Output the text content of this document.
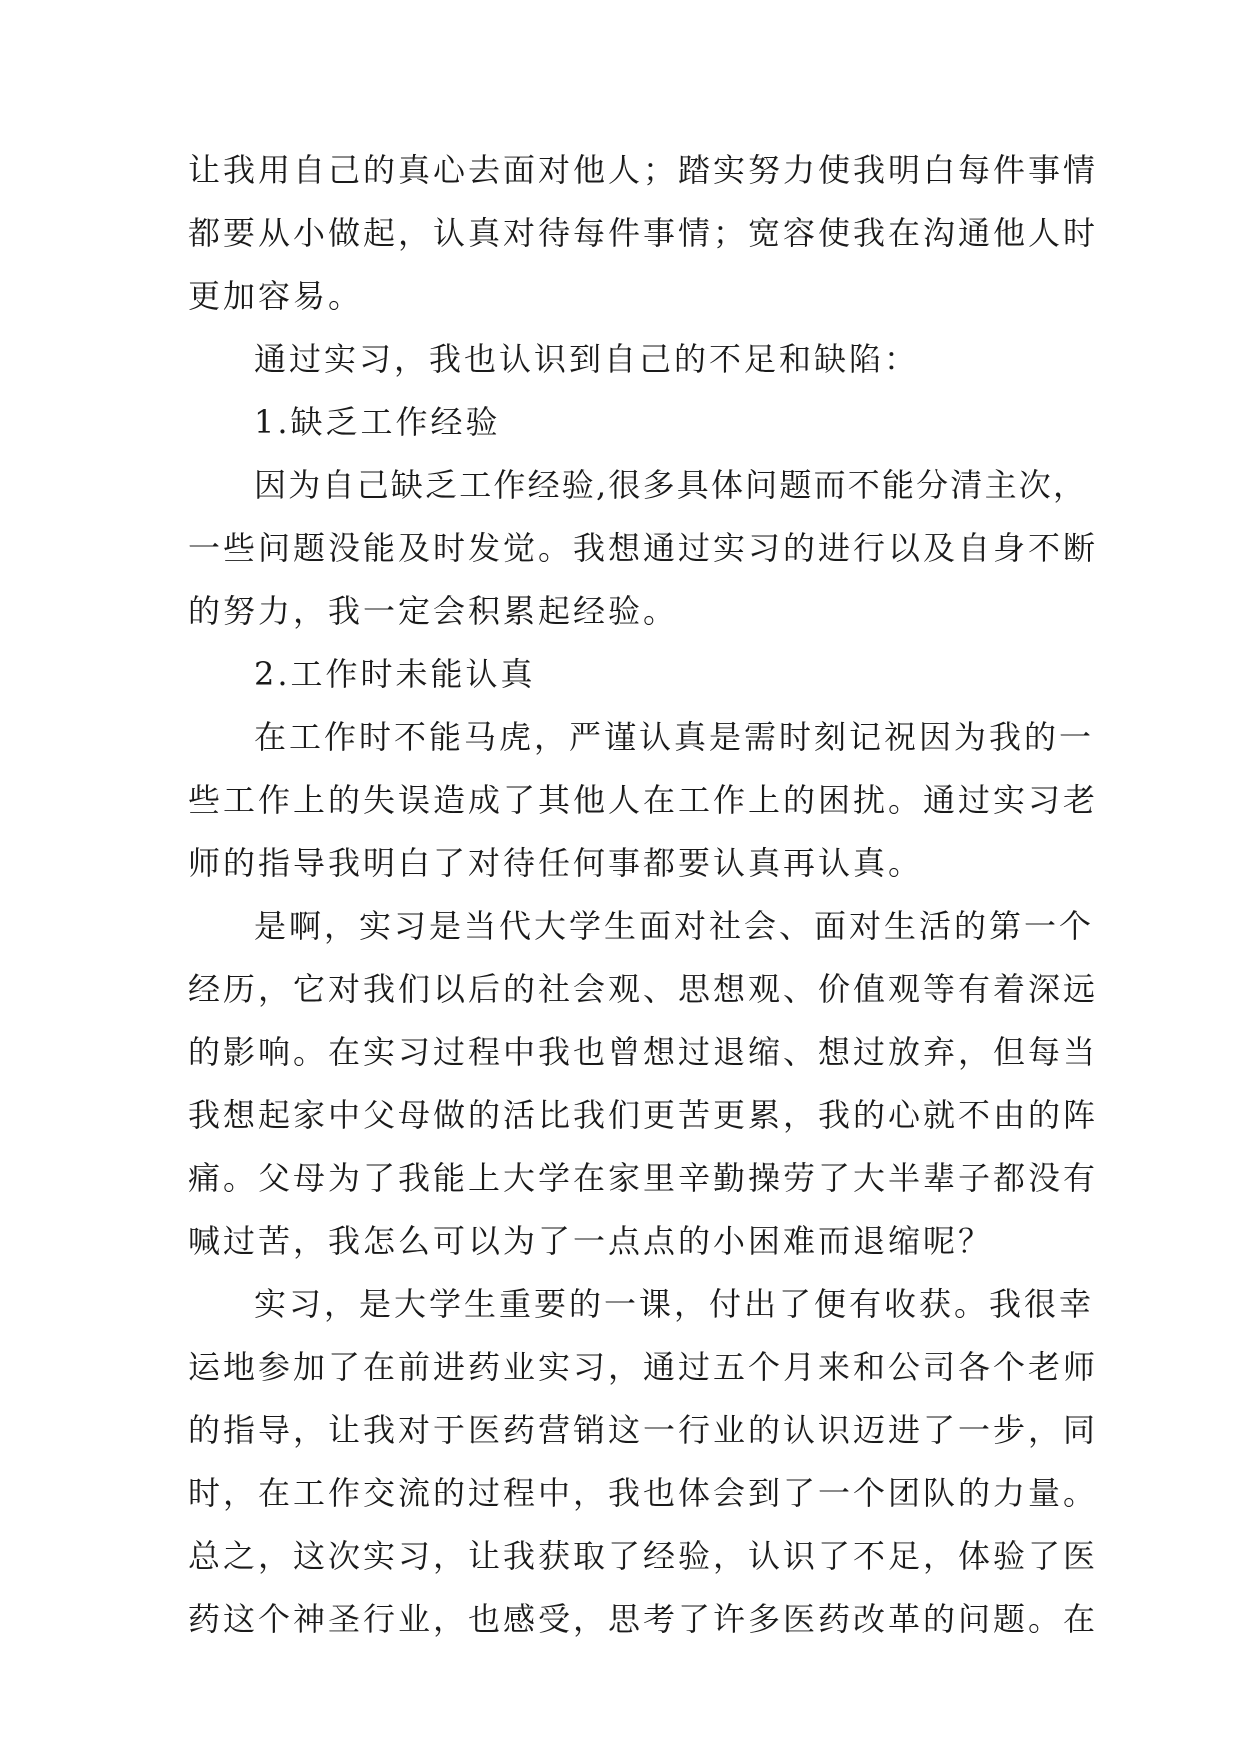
让我用自己的真心去面对他人；踏实努力使我明白每件事情
都要从小做起，认真对待每件事情；宽容使我在沟通他人时
更加容易。
通过实习，我也认识到自己的不足和缺陷：
1.缺乏工作经验
因为自己缺乏工作经验,很多具体问题而不能分清主次，
一些问题没能及时发觉。我想通过实习的进行以及自身不断
的努力，我一定会积累起经验。
2.工作时未能认真
在工作时不能马虎，严谨认真是需时刻记祝因为我的一
些工作上的失误造成了其他人在工作上的困扰。通过实习老
师的指导我明白了对待任何事都要认真再认真。
是啊，实习是当代大学生面对社会、面对生活的第一个
经历，它对我们以后的社会观、思想观、价值观等有着深远
的影响。在实习过程中我也曾想过退缩、想过放弃，但每当
我想起家中父母做的活比我们更苦更累，我的心就不由的阵
痛。父母为了我能上大学在家里辛勤操劳了大半辈子都没有
喊过苦，我怎么可以为了一点点的小困难而退缩呢？
实习，是大学生重要的一课，付出了便有收获。我很幸
运地参加了在前进药业实习，通过五个月来和公司各个老师
的指导，让我对于医药营销这一行业的认识迈进了一步，同
时，在工作交流的过程中，我也体会到了一个团队的力量。
总之，这次实习，让我获取了经验，认识了不足，体验了医
药这个神圣行业，也感受，思考了许多医药改革的问题。在
